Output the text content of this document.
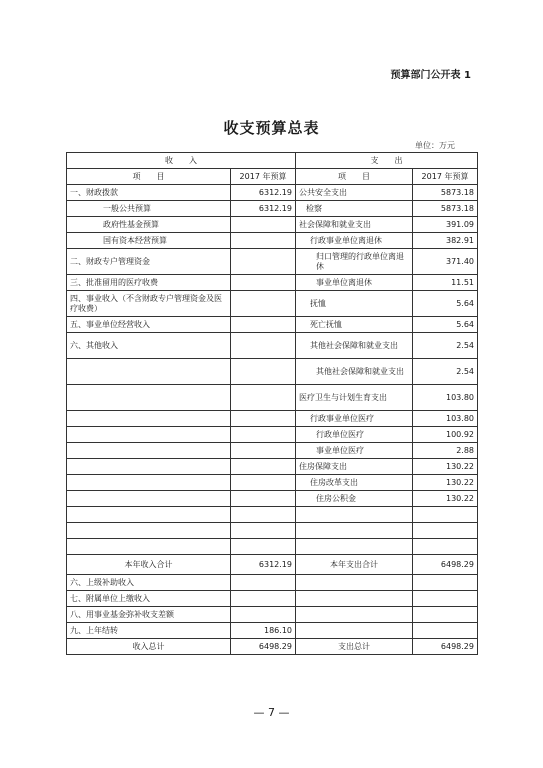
预算部门公开表 1
收支预算总表
单位：万元
收　　入		支　　出	
项　　目	2017 年预算	项　　目	2017 年预算
一、财政拨款	6312.19	公共安全支出	5873.18
一般公共预算	6312.19	检察	5873.18
政府性基金预算		社会保障和就业支出	391.09
国有资本经营预算		行政事业单位离退休	382.91
二、财政专户管理资金		归口管理的行政单位离退休	371.40
三、批准留用的医疗收费		事业单位离退休	11.51
四、事业收入（不含财政专户管理资金及医疗收费）		抚恤	5.64
五、事业单位经营收入		死亡抚恤	5.64
六、其他收入		其他社会保障和就业支出	2.54
		其他社会保障和就业支出	2.54
		医疗卫生与计划生育支出	103.80
		行政事业单位医疗	103.80
		行政单位医疗	100.92
		事业单位医疗	2.88
		住房保障支出	130.22
		住房改革支出	130.22
		住房公积金	130.22

本年收入合计	6312.19	本年支出合计	6498.29
六、上级补助收入			
七、附属单位上缴收入			
八、用事业基金弥补收支差额			
九、上年结转	186.10		
收入总计	6498.29	支出总计	6498.29
— 7 —
